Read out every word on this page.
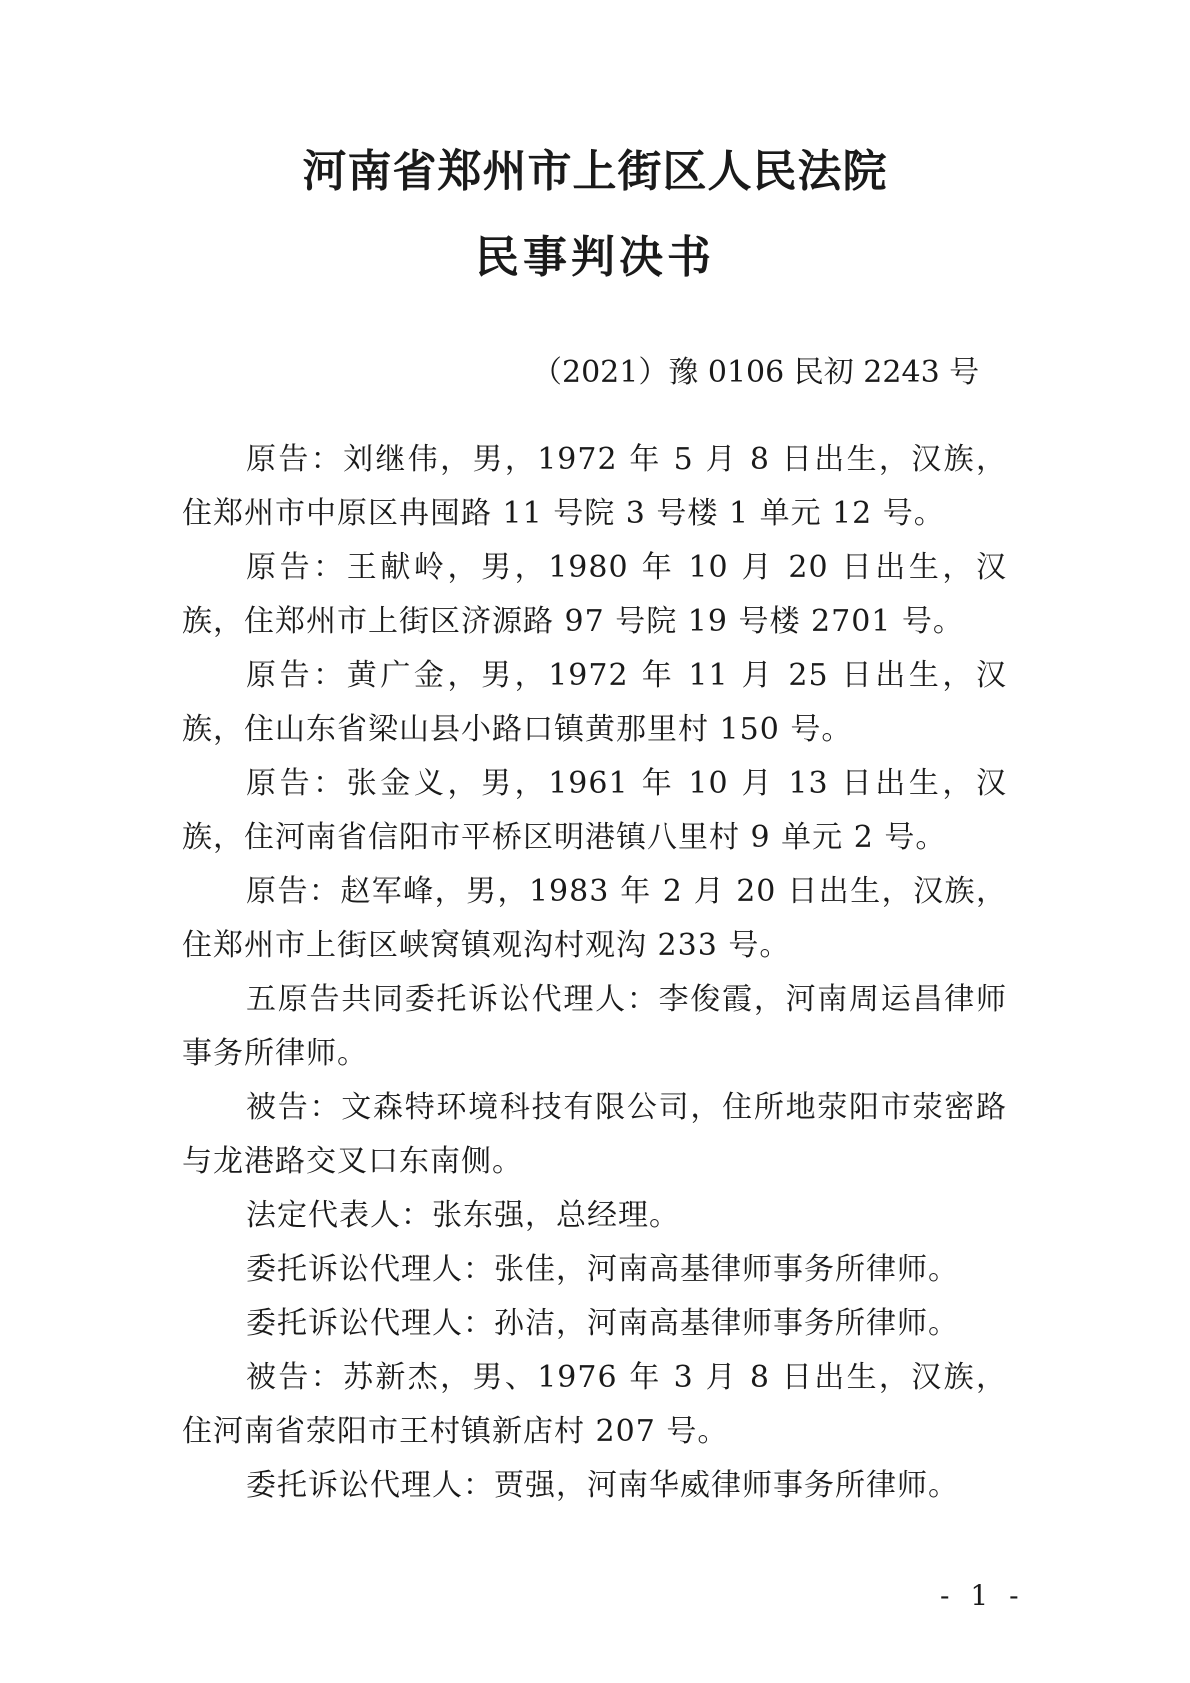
河南省郑州市上街区人民法院
民事判决书

（2021）豫 0106 民初 2243 号

原告：刘继伟，男，1972 年 5 月 8 日出生，汉族，住郑州市中原区冉囤路 11 号院 3 号楼 1 单元 12 号。

原告：王献岭，男，1980 年 10 月 20 日出生，汉族，住郑州市上街区济源路 97 号院 19 号楼 2701 号。

原告：黄广金，男，1972 年 11 月 25 日出生，汉族，住山东省梁山县小路口镇黄那里村 150 号。

原告：张金义，男，1961 年 10 月 13 日出生，汉族，住河南省信阳市平桥区明港镇八里村 9 单元 2 号。

原告：赵军峰，男，1983 年 2 月 20 日出生，汉族，住郑州市上街区峡窝镇观沟村观沟 233 号。

五原告共同委托诉讼代理人：李俊霞，河南周运昌律师事务所律师。

被告：文森特环境科技有限公司，住所地荥阳市荥密路与龙港路交叉口东南侧。

法定代表人：张东强，总经理。

委托诉讼代理人：张佳，河南高基律师事务所律师。

委托诉讼代理人：孙洁，河南高基律师事务所律师。

被告：苏新杰，男、1976 年 3 月 8 日出生，汉族，住河南省荥阳市王村镇新店村 207 号。

委托诉讼代理人：贾强，河南华威律师事务所律师。

- 1 -
